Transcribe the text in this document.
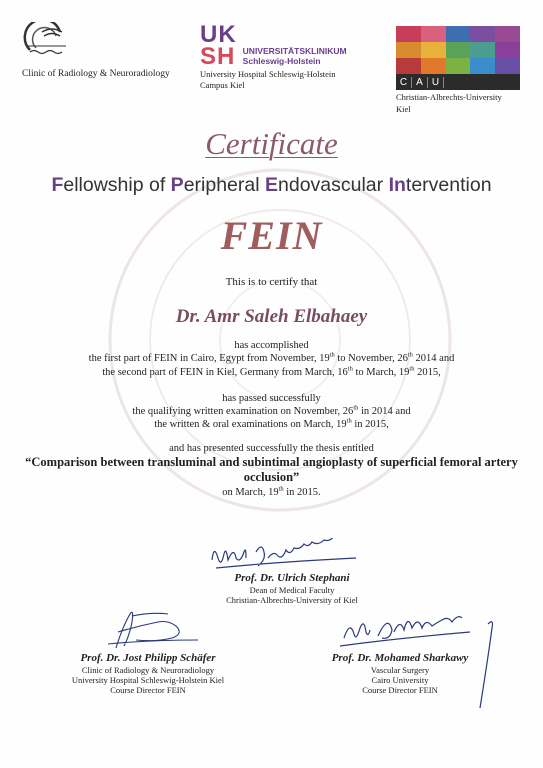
Clinic of Radiology & Neuroradiology
UK
SH UNIVERSITÄTSKLINIKUM
Schleswig-Holstein
University Hospital Schleswig-Holstein
Campus Kiel	C A U
Christian-Albrechts-University
Kiel
Certificate
Fellowship of Peripheral Endovascular Intervention
FEIN
This is to certify that
Dr. Amr Saleh Elbahaey
has accomplished
the first part of FEIN in Cairo, Egypt from November, 19th to November, 26th 2014 and
the second part of FEIN in Kiel, Germany from March, 16th to March, 19th 2015,
has passed successfully
the qualifying written examination on November, 26th in 2014 and
the written & oral examinations on March, 19th in 2015,
and has presented successfully the thesis entitled
“Comparison between transluminal and subintimal angioplasty of superficial femoral artery occlusion”
on March, 19th in 2015.
Prof. Dr. Ulrich Stephani
Dean of Medical Faculty
Christian-Albrechts-University of Kiel
Prof. Dr. Jost Philipp Schäfer
Clinic of Radiology & Neuroradiology
University Hospital Schleswig-Holstein Kiel
Course Director FEIN
Prof. Dr. Mohamed Sharkawy
Vascular Surgery
Cairo University
Course Director FEIN
